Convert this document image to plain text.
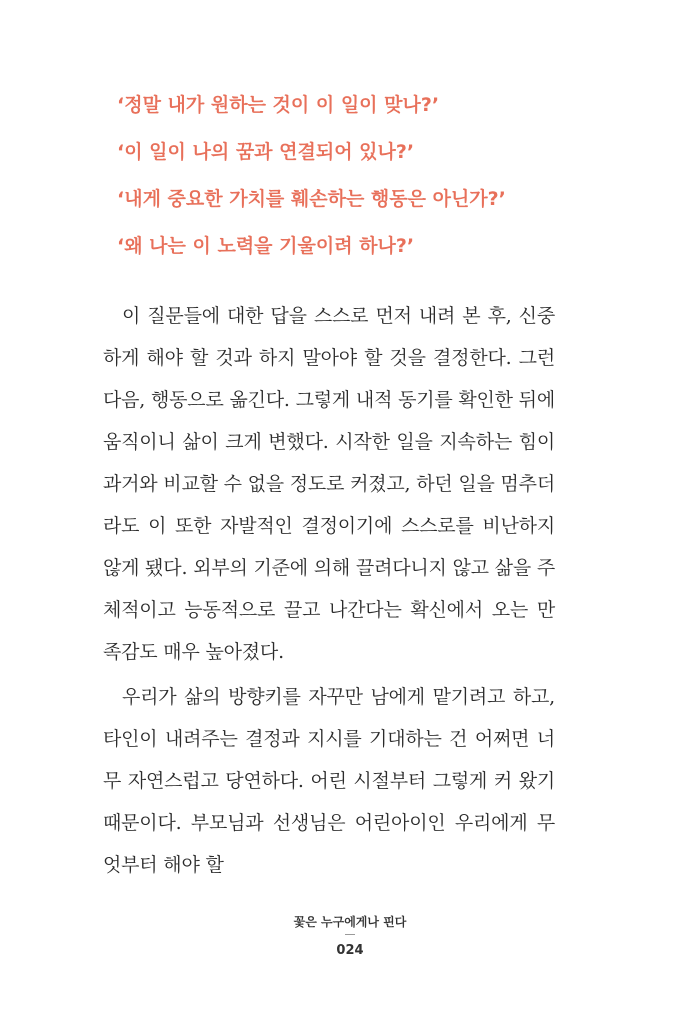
‘정말 내가 원하는 것이 이 일이 맞나?’

‘이 일이 나의 꿈과 연결되어 있나?’

‘내게 중요한 가치를 훼손하는 행동은 아닌가?’

‘왜 나는 이 노력을 기울이려 하나?’

이 질문들에 대한 답을 스스로 먼저 내려 본 후, 신중하게 해야 할 것과 하지 말아야 할 것을 결정한다. 그런 다음, 행동으로 옮긴다. 그렇게 내적 동기를 확인한 뒤에 움직이니 삶이 크게 변했다. 시작한 일을 지속하는 힘이 과거와 비교할 수 없을 정도로 커졌고, 하던 일을 멈추더라도 이 또한 자발적인 결정이기에 스스로를 비난하지 않게 됐다. 외부의 기준에 의해 끌려다니지 않고 삶을 주체적이고 능동적으로 끌고 나간다는 확신에서 오는 만족감도 매우 높아졌다.

우리가 삶의 방향키를 자꾸만 남에게 맡기려고 하고, 타인이 내려주는 결정과 지시를 기대하는 건 어쩌면 너무 자연스럽고 당연하다. 어린 시절부터 그렇게 커 왔기 때문이다. 부모님과 선생님은 어린아이인 우리에게 무엇부터 해야 할

꽃은 누구에게나 핀다
024
